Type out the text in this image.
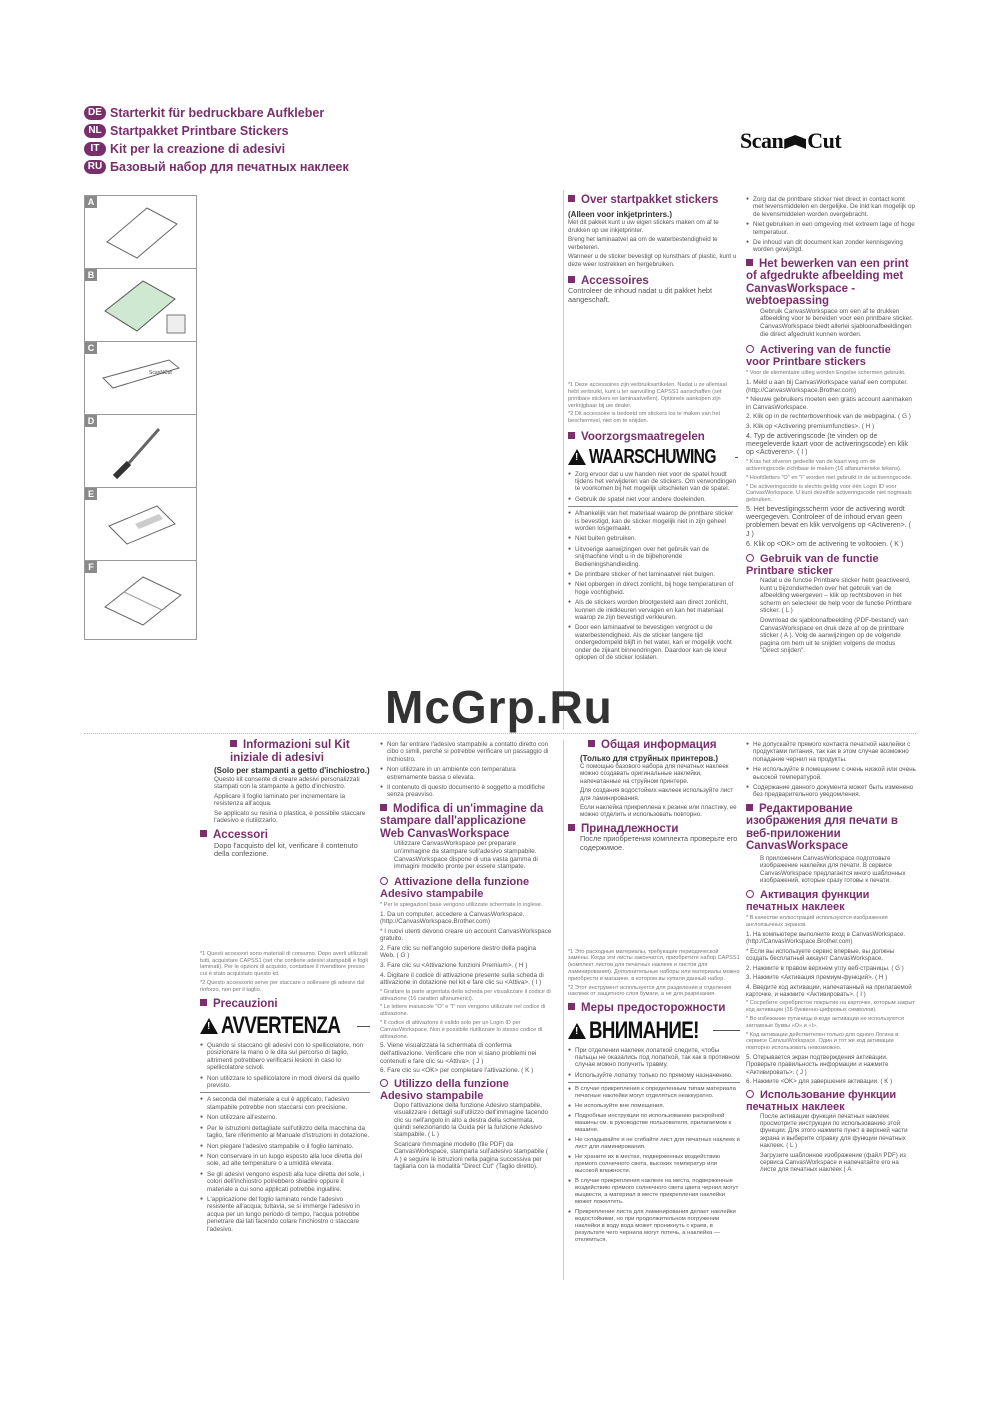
DE Starterkit für bedruckbare Aufkleber
NL Startpakket Printbare Stickers
IT Kit per la creazione di adesivi
RU Базовый набор для печатных наклеек
Scan Cut
A
B
C
ScanNCut
D
E
F
Over startpakket stickers
(Alleen voor inkjetprinters.)

Met dit pakket kunt u uw eigen stickers maken om af te drukken op uw inkjetprinter.

Breng het laminaatvel aa om de waterbestendigheid te verbeteren.

Wanneer u de sticker bevestigt op kunsthars of plastic, kunt u deze weer lostrekken en hergebruiken.

Accessoires
Controleer de inhoud nadat u dit pakket hebt aangeschaft.

*1 Deze accessoires zijn verbruiksartikelen. Nadat u ze allemaal hebt verbruikt, kunt u ter aanvulling CAPSS1 aanschaffen (set printbare stickers en laminaatvellen). Optionele aankopen zijn verkrijgbaar bij uw dealer.

*2 Dit accessoire is bedoeld om stickers los te maken van het beschermvel, niet om te snijden.

Voorzorgsmaatregelen
! WAARSCHUWING

● Zorg ervoor dat u uw handen niet voor de spatel houdt tijdens het verwijderen van de stickers. Om verwondingen te voorkomen bij het mogelijk uitschieten van de spatel.

● Gebruik de spatel niet voor andere doeleinden.

● Afhankelijk van het materiaal waarop de printbare sticker is bevestigd, kan de sticker mogelijk niet in zijn geheel worden losgemaakt.

● Niet buiten gebruiken.

● Uitvoerige aanwijzingen over het gebruik van de snijmachine vindt u in de bijbehorende Bedieningshandleiding.

● De printbare sticker of het laminaatvel niet buigen.

● Niet opbergen in direct zonlicht, bij hoge temperaturen of hoge vochtigheid.

● Als de stickers worden blootgesteld aan direct zonlicht, kunnen de inktkleuren vervagen en kan het materiaal waarop ze zijn bevestigd verkleuren.

● Door een laminaatvel te bevestigen vergroot u de waterbestendigheid. Als de sticker langere tijd ondergedompeld blijft in het water, kan er mogelijk vocht onder de zijkant binnendringen. Daardoor kan de kleur oplopen of de sticker loslaten.

● Zorg dat de printbare sticker niet direct in contact komt met levensmiddelen en dergelijke. De inkt kan mogelijk op de levensmiddelen worden overgebracht.

● Niet gebruiken in een omgeving met extreem lage of hoge temperatuur.

● De inhoud van dit document kan zonder kennisgeving worden gewijzigd.

Het bewerken van een print of afgedrukte afbeelding met CanvasWorkspace - webtoepassing
Gebruik CanvasWorkspace om een af te drukken afbeelding voor te bereiden voor een printbare sticker. CanvasWorkspace biedt allerlei sjabloonafbeeldingen die direct afgedrukt kunnen worden.
Activering van de functie voor Printbare stickers
* Voor de elementaire uitleg worden Engelse schermen gebruikt.

1. Meld u aan bij CanvasWorkspace vanaf een computer. (http://CanvasWorkspace.Brother.com)

* Nieuwe gebruikers moeten een gratis account aanmaken in CanvasWorkspace.

2. Klik op in de rechterbovenhoek van de webpagina. ( G )

3. Klik op <Activering premiumfuncties>. ( H )

4. Typ de activeringscode (te vinden op de meegeleverde kaart voor de activeringscode) en klik op <Activeren>. ( I )

* Kras het zilveren gedeelte van de kaart weg om de activeringscode zichtbaar te maken (16 alfanumerieke tekens).

* Hoofdletters "O" en "I" worden niet gebruikt in de activeringscode.

* De activeringscode is slechts geldig voor één Login ID voor CanvasWorkspace. U kunt dezelfde activeringscode niet nogmaals gebruiken.

5. Het bevestigingsscherm voor de activering wordt weergegeven. Controleer of de inhoud ervan geen problemen bevat en klik vervolgens op <Activeren>. ( J )

6. Klik op <OK> om de activering te voltooien. ( K )

Gebruik van de functie Printbare sticker

Nadat u de functie Printbare sticker hebt geactiveerd, kunt u bijzonderheden over het gebruik van de afbeelding weergeven – klik op rechtsboven in het scherm en selecteer de help voor de functie Printbare sticker. ( L )

Download de sjabloonafbeelding (PDF-bestand) van CanvasWorkspace en druk deze af op de printbare sticker ( A ). Volg de aanwijzingen op de volgende pagina om hem uit te snijden volgens de modus "Direct snijden".

Informazioni sul Kit iniziale di adesivi
(Solo per stampanti a getto d'inchiostro.)

Questo kit consente di creare adesivi personalizzati stampati con la stampante a getto d'inchiostro.

Applicare il foglio laminato per incrementare la resistenza all'acqua.

Se applicato su resina o plastica, è possibile staccare l'adesivo e riutilizzarlo.

Accessori
Dopo l'acquisto del kit, verificare il contenuto della confezione.

*1 Questi accessori sono materiali di consumo. Dopo averli utilizzati tutti, acquistare CAPSS1 (set che contiene adesivi stampabili e fogli laminati). Per le opzioni di acquisto, contattare il rivenditore presso cui è stato acquistato questo kit.

*2 Questo accessorio serve per staccare o sollevare gli adesivi dal rinforzo, non per il taglio.

Precauzioni
! AVVERTENZA

● Quando si staccano gli adesivi con lo spellicolatore, non posizionare la mano o le dita sul percorso di taglio, altrimenti potrebbero verificarsi lesioni in caso lo spellicolatore scivoli.

● Non utilizzare lo spellicolatore in modi diversi da quello previsto.

● A seconda del materiale a cui è applicato, l'adesivo stampabile potrebbe non staccarsi con precisione.

● Non utilizzare all'esterno.

● Per le istruzioni dettagliate sull'utilizzo della macchina da taglio, fare riferimento al Manuale d'istruzioni in dotazione.

● Non piegare l'adesivo stampabile o il foglio laminato.

● Non conservare in un luogo esposto alla luce diretta del sole, ad alte temperature o a umidità elevata.

● Se gli adesivi vengono esposti alla luce diretta del sole, i colori dell'inchiostro potrebbero sbiadire oppure il materiale a cui sono applicati potrebbe ingiallire.

● L'applicazione del foglio laminato rende l'adesivo resistente all'acqua; tuttavia, se si immerge l'adesivo in acqua per un lungo periodo di tempo, l'acqua potrebbe penetrare dai lati facendo colare l'inchiostro o staccare l'adesivo.

● Non far entrare l'adesivo stampabile a contatto diretto con cibo o simili, perché si potrebbe verificare un passaggio di inchiostro.

● Non utilizzare in un ambiente con temperatura estremamente bassa o elevata.

● Il contenuto di questo documento è soggetto a modifiche senza preavviso.

Modifica di un'immagine da stampare dall'applicazione Web CanvasWorkspace
Utilizzare CanvasWorkspace per preparare un'immagine da stampare sull'adesivo stampabile. CanvasWorkspace dispone di una vasta gamma di immagini modello pronte per essere stampate.
Attivazione della funzione Adesivo stampabile
* Per le spiegazioni base vengono utilizzate schermate in inglese.

1. Da un computer, accedere a CanvasWorkspace. (http://CanvasWorkspace.Brother.com)

* I nuovi utenti devono creare un account CanvasWorkspace gratuito.

2. Fare clic su nell'angolo superiore destro della pagina Web. ( G )

3. Fare clic su <Attivazione funzioni Premium>. ( H )

4. Digitare il codice di attivazione presente sulla scheda di attivazione in dotazione nel kit e fare clic su <Attiva>. ( I )

* Grattare la parte argentata della scheda per visualizzare il codice di attivazione (16 caratteri alfanumerici).

* Le lettere maiuscole "O" e "I" non vengono utilizzate nel codice di attivazione.

* Il codice di attivazione è valido solo per un Login ID per CanvasWorkspace. Non è possibile riutilizzare lo stesso codice di attivazione.

5. Viene visualizzata la schermata di conferma dell'attivazione. Verificare che non vi siano problemi nei contenuti e fare clic su <Attiva>. ( J )

6. Fare clic su <OK> per completare l'attivazione. ( K )

Utilizzo della funzione Adesivo stampabile

Dopo l'attivazione della funzione Adesivo stampabile, visualizzare i dettagli sull'utilizzo dell'immagine facendo clic su nell'angolo in alto a destra della schermata, quindi selezionando la Guida per la funzione Adesivo stampabile. ( L )

Scaricare l'immagine modello (file PDF) da CanvasWorkspace, stamparla sull'adesivo stampabile ( A ) e seguire le istruzioni nella pagina successiva per tagliarla con la modalità "Direct Cut" (Taglio diretto).

Общая информация
(Только для струйных принтеров.)

С помощью базового набора для печатных наклеек можно создавать оригинальные наклейки, напечатанные на струйном принтере.

Для создания водостойких наклеек используйте лист для ламинирования.

Если наклейка прикреплена к резине или пластику, ее можно отделить и использовать повторно.

Принадлежности
После приобретения комплекта проверьте его содержимое.

*1 Это расходные материалы, требующие периодической замены. Когда эти листы закончатся, приобретите набор CAPSS1 (комплект листов для печатных наклеек и листов для ламинирования). Дополнительные наборы или материалы можно приобрести в магазине, в котором вы купили данный набор.

*2 Этот инструмент используется для разделения и отделения наклеек от защитного слоя бумаги, а не для разрезания.

Меры предосторожности
! ВНИМАНИЕ!

● При отделении наклеек лопаткой следите, чтобы пальцы не оказались под лопаткой, так как в противном случае можно получить травму.

● Используйте лопатку только по прямому назначению.

● В случае прикрепления к определенным типам материала печатные наклейки могут отделяться неаккуратно.

● Не используйте вне помещения.

● Подробные инструкции по использованию раскройной машины см. в руководстве пользователя, прилагаемом к машине.

● Не складывайте и не сгибайте лист для печатных наклеек и лист для ламинирования.

● Не храните их в местах, подверженных воздействию прямого солнечного света, высоких температур или высокой влажности.

● В случае прикрепления наклеек на места, подверженные воздействию прямого солнечного света цвета чернил могут выцвести, а материал в месте прикрепления наклейки может пожелтеть.

● Прикрепление листа для ламинирования делает наклейки водостойкими, но при продолжительном погружении наклейки в воду вода может проникнуть с краев, в результате чего чернила могут потечь, а наклейка — отклеиться.

● Не допускайте прямого контакта печатной наклейки с продуктами питания, так как в этом случае возможно попадание чернил на продукты.

● Не используйте в помещении с очень низкой или очень высокой температурой.

● Содержание данного документа может быть изменено без предварительного уведомления.

Редактирование изображения для печати в веб-приложении CanvasWorkspace
В приложении CanvasWorkspace подготовьте изображение наклейки для печати. В сервисе CanvasWorkspace предлагается много шаблонных изображений, которые сразу готовы к печати.
Активация функции печатных наклеек
* В качестве иллюстраций используются изображения англоязычных экранов.

1. На компьютере выполните вход в CanvasWorkspace. (http://CanvasWorkspace.Brother.com)

* Если вы используете сервис впервые, вы должны создать бесплатный аккаунт CanvasWorkspace.

2. Нажмите в правом верхнем углу веб-страницы. ( G )

3. Нажмите <Активация премиум-функций>. ( H )

4. Введите код активации, напечатанный на прилагаемой карточке, и нажмите <Активировать>. ( I )

* Сосребите серебристое покрытие на карточке, которым закрыт код активации (16 буквенно-цифровых символов).

* Во избежание путаницы в коде активации не используются заглавные буквы «O» и «I».

* Код активации действителен только для одного Логина в сервисе CanvasWorkspace. Один и тот же код активации повторно использовать невозможно.

5. Открывается экран подтверждения активации. Проверьте правильность информации и нажмите <Активировать>. ( J )

6. Нажмите <OK> для завершения активации. ( K )

Использование функции печатных наклеек

После активации функции печатных наклеек просмотрите инструкции по использованию этой функции. Для этого нажмите пункт в верхней части экрана и выберите справку для функции печатных наклеек. ( L )

Загрузите шаблонное изображение (файл PDF) из сервиса CanvasWorkspace и напечатайте его на листе для печатных наклеек ( A

McGrp.Ru
